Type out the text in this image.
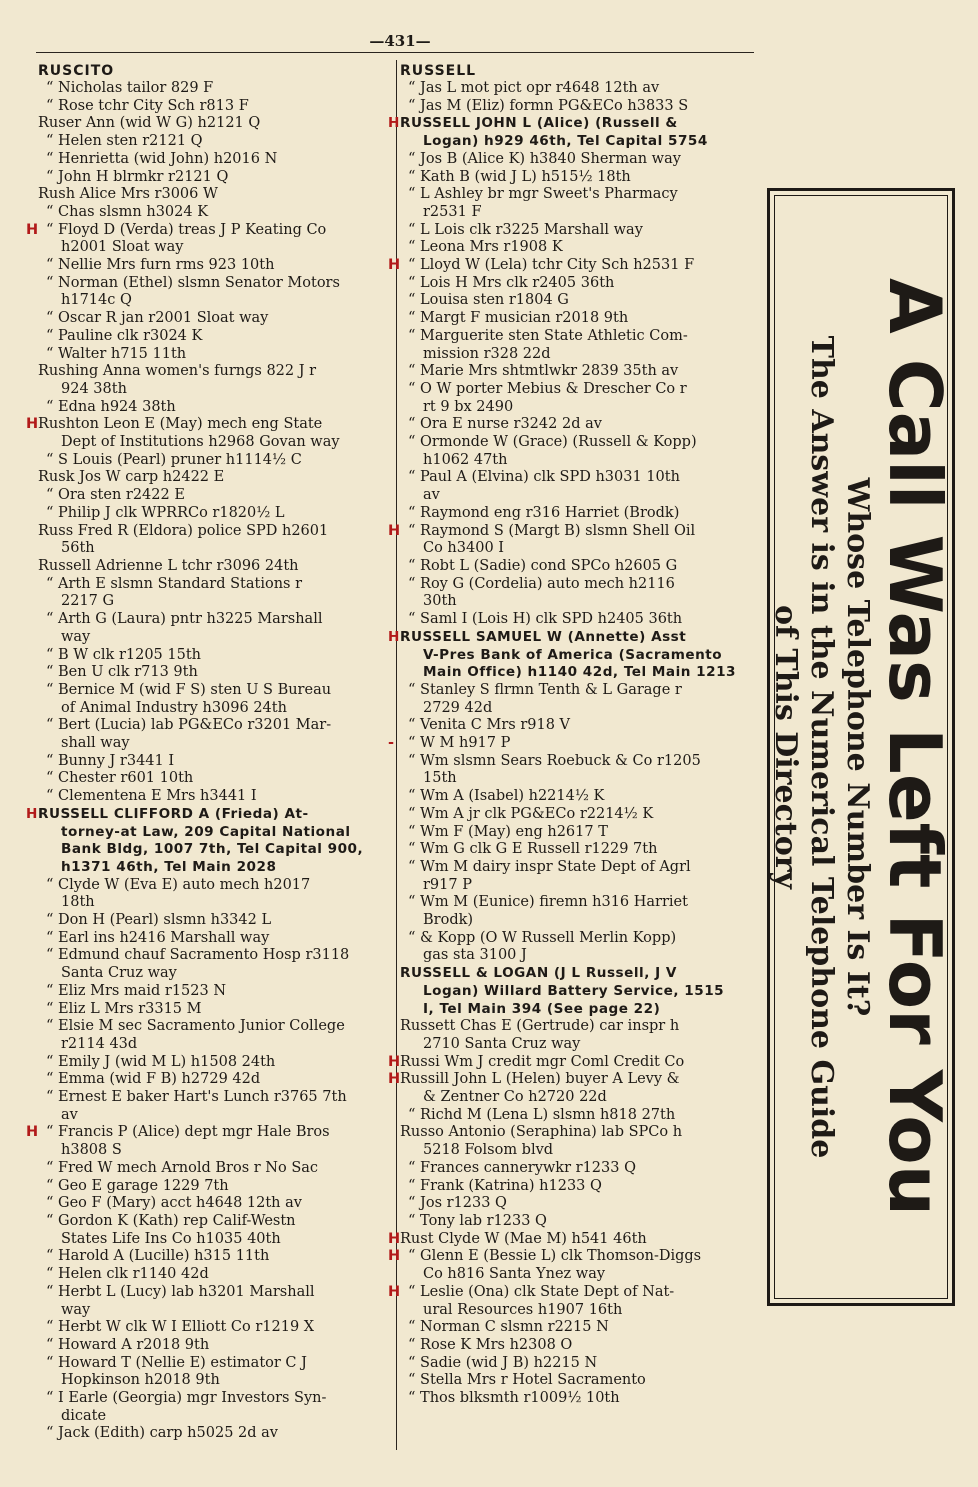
—431—
RUSCITO
“ Nicholas tailor 829 F
“ Rose tchr City Sch r813 F
Ruser Ann (wid W G) h2121 Q
“ Helen sten r2121 Q
“ Henrietta (wid John) h2016 N
“ John H blrmkr r2121 Q
Rush Alice Mrs r3006 W
“ Chas slsmn h3024 K
H “ Floyd D (Verda) treas J P Keating Co
h2001 Sloat way
“ Nellie Mrs furn rms 923 10th
“ Norman (Ethel) slsmn Senator Motors
h1714c Q
“ Oscar R jan r2001 Sloat way
“ Pauline clk r3024 K
“ Walter h715 11th
Rushing Anna women's furngs 822 J r
924 38th
“ Edna h924 38th
H Rushton Leon E (May) mech eng State
Dept of Institutions h2968 Govan way
“ S Louis (Pearl) pruner h1114½ C
Rusk Jos W carp h2422 E
“ Ora sten r2422 E
“ Philip J clk WPRRCo r1820½ L
Russ Fred R (Eldora) police SPD h2601
56th
Russell Adrienne L tchr r3096 24th
“ Arth E slsmn Standard Stations r
2217 G
“ Arth G (Laura) pntr h3225 Marshall
way
“ B W clk r1205 15th
“ Ben U clk r713 9th
“ Bernice M (wid F S) sten U S Bureau
of Animal Industry h3096 24th
“ Bert (Lucia) lab PG&ECo r3201 Mar-
shall way
“ Bunny J r3441 I
“ Chester r601 10th
“ Clementena E Mrs h3441 I
H RUSSELL CLIFFORD A (Frieda) At-
torney-at Law, 209 Capital National
Bank Bldg, 1007 7th, Tel Capital 900,
h1371 46th, Tel Main 2028
“ Clyde W (Eva E) auto mech h2017
18th
“ Don H (Pearl) slsmn h3342 L
“ Earl ins h2416 Marshall way
“ Edmund chauf Sacramento Hosp r3118
Santa Cruz way
“ Eliz Mrs maid r1523 N
“ Eliz L Mrs r3315 M
“ Elsie M sec Sacramento Junior College
r2114 43d
“ Emily J (wid M L) h1508 24th
“ Emma (wid F B) h2729 42d
“ Ernest E baker Hart's Lunch r3765 7th
av
H “ Francis P (Alice) dept mgr Hale Bros
h3808 S
“ Fred W mech Arnold Bros r No Sac
“ Geo E garage 1229 7th
“ Geo F (Mary) acct h4648 12th av
“ Gordon K (Kath) rep Calif-Westn
States Life Ins Co h1035 40th
“ Harold A (Lucille) h315 11th
“ Helen clk r1140 42d
“ Herbt L (Lucy) lab h3201 Marshall
way
“ Herbt W clk W I Elliott Co r1219 X
“ Howard A r2018 9th
“ Howard T (Nellie E) estimator C J
Hopkinson h2018 9th
“ I Earle (Georgia) mgr Investors Syn-
dicate
“ Jack (Edith) carp h5025 2d av
RUSSELL
“ Jas L mot pict opr r4648 12th av
“ Jas M (Eliz) formn PG&ECo h3833 S
H RUSSELL JOHN L (Alice) (Russell &
Logan) h929 46th, Tel Capital 5754
“ Jos B (Alice K) h3840 Sherman way
“ Kath B (wid J L) h515½ 18th
“ L Ashley br mgr Sweet's Pharmacy
r2531 F
“ L Lois clk r3225 Marshall way
“ Leona Mrs r1908 K
H “ Lloyd W (Lela) tchr City Sch h2531 F
“ Lois H Mrs clk r2405 36th
“ Louisa sten r1804 G
“ Margt F musician r2018 9th
“ Marguerite sten State Athletic Com-
mission r328 22d
“ Marie Mrs shtmtlwkr 2839 35th av
“ O W porter Mebius & Drescher Co r
rt 9 bx 2490
“ Ora E nurse r3242 2d av
“ Ormonde W (Grace) (Russell & Kopp)
h1062 47th
“ Paul A (Elvina) clk SPD h3031 10th
av
“ Raymond eng r316 Harriet (Brodk)
H “ Raymond S (Margt B) slsmn Shell Oil
Co h3400 I
“ Robt L (Sadie) cond SPCo h2605 G
“ Roy G (Cordelia) auto mech h2116
30th
“ Saml I (Lois H) clk SPD h2405 36th
H RUSSELL SAMUEL W (Annette) Asst
V-Pres Bank of America (Sacramento
Main Office) h1140 42d, Tel Main 1213
“ Stanley S flrmn Tenth & L Garage r
2729 42d
“ Venita C Mrs r918 V
- “ W M h917 P
“ Wm slsmn Sears Roebuck & Co r1205
15th
“ Wm A (Isabel) h2214½ K
“ Wm A jr clk PG&ECo r2214½ K
“ Wm F (May) eng h2617 T
“ Wm G clk G E Russell r1229 7th
“ Wm M dairy inspr State Dept of Agrl
r917 P
“ Wm M (Eunice) firemn h316 Harriet
Brodk)
“ & Kopp (O W Russell Merlin Kopp)
gas sta 3100 J
RUSSELL & LOGAN (J L Russell, J V
Logan) Willard Battery Service, 1515
I, Tel Main 394 (See page 22)
Russett Chas E (Gertrude) car inspr h
2710 Santa Cruz way
H Russi Wm J credit mgr Coml Credit Co
H Russill John L (Helen) buyer A Levy &
& Zentner Co h2720 22d
“ Richd M (Lena L) slsmn h818 27th
Russo Antonio (Seraphina) lab SPCo h
5218 Folsom blvd
“ Frances cannerywkr r1233 Q
“ Frank (Katrina) h1233 Q
“ Jos r1233 Q
“ Tony lab r1233 Q
H Rust Clyde W (Mae M) h541 46th
H “ Glenn E (Bessie L) clk Thomson-Diggs
Co h816 Santa Ynez way
H “ Leslie (Ona) clk State Dept of Nat-
ural Resources h1907 16th
“ Norman C slsmn r2215 N
“ Rose K Mrs h2308 O
“ Sadie (wid J B) h2215 N
“ Stella Mrs r Hotel Sacramento
“ Thos blksmth r1009½ 10th
A Call Was Left For You
Whose Telephone Number Is It?
The Answer is in the Numerical Telephone Guide
of This Directory
